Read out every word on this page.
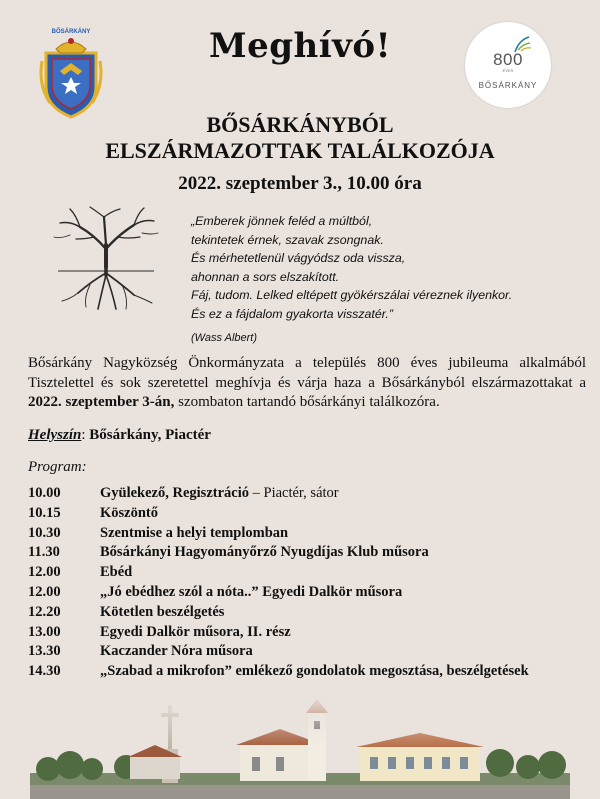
BŐSÁRKÁNY	Meghívó!	800
ÉVES
BŐSÁRKÁNY
BŐSÁRKÁNYBÓL
ELSZÁRMAZOTTAK TALÁLKOZÓJA
2022. szeptember 3., 10.00 óra
„Emberek jönnek feléd a múltból,
tekintetek érnek, szavak zsongnak.
És mérhetetlenül vágyódsz oda vissza,
ahonnan a sors elszakított.
Fáj, tudom. Lelked eltépett gyökérszálai véreznek ilyenkor.
És ez a fájdalom gyakorta visszatér.”
(Wass Albert)
Bősárkány Nagyközség Önkormányzata a település 800 éves jubileuma alkalmából Tisztelettel és sok szeretettel meghívja és várja haza a Bősárkányból elszármazottakat a 2022. szeptember 3-án, szombaton tartandó bősárkányi találkozóra.
Helyszín: Bősárkány, Piactér
Program:
10.00	Gyülekező, Regisztráció – Piactér, sátor
10.15	Köszöntő
10.30	Szentmise a helyi templomban
11.30	Bősárkányi Hagyományőrző Nyugdíjas Klub műsora
12.00	Ebéd
12.00	„Jó ebédhez szól a nóta..” Egyedi Dalkör műsora
12.20	Kötetlen beszélgetés
13.00	Egyedi Dalkör műsora, II. rész
13.30	Kaczander Nóra műsora
14.30	„Szabad a mikrofon” emlékező gondolatok megosztása, beszélgetések
